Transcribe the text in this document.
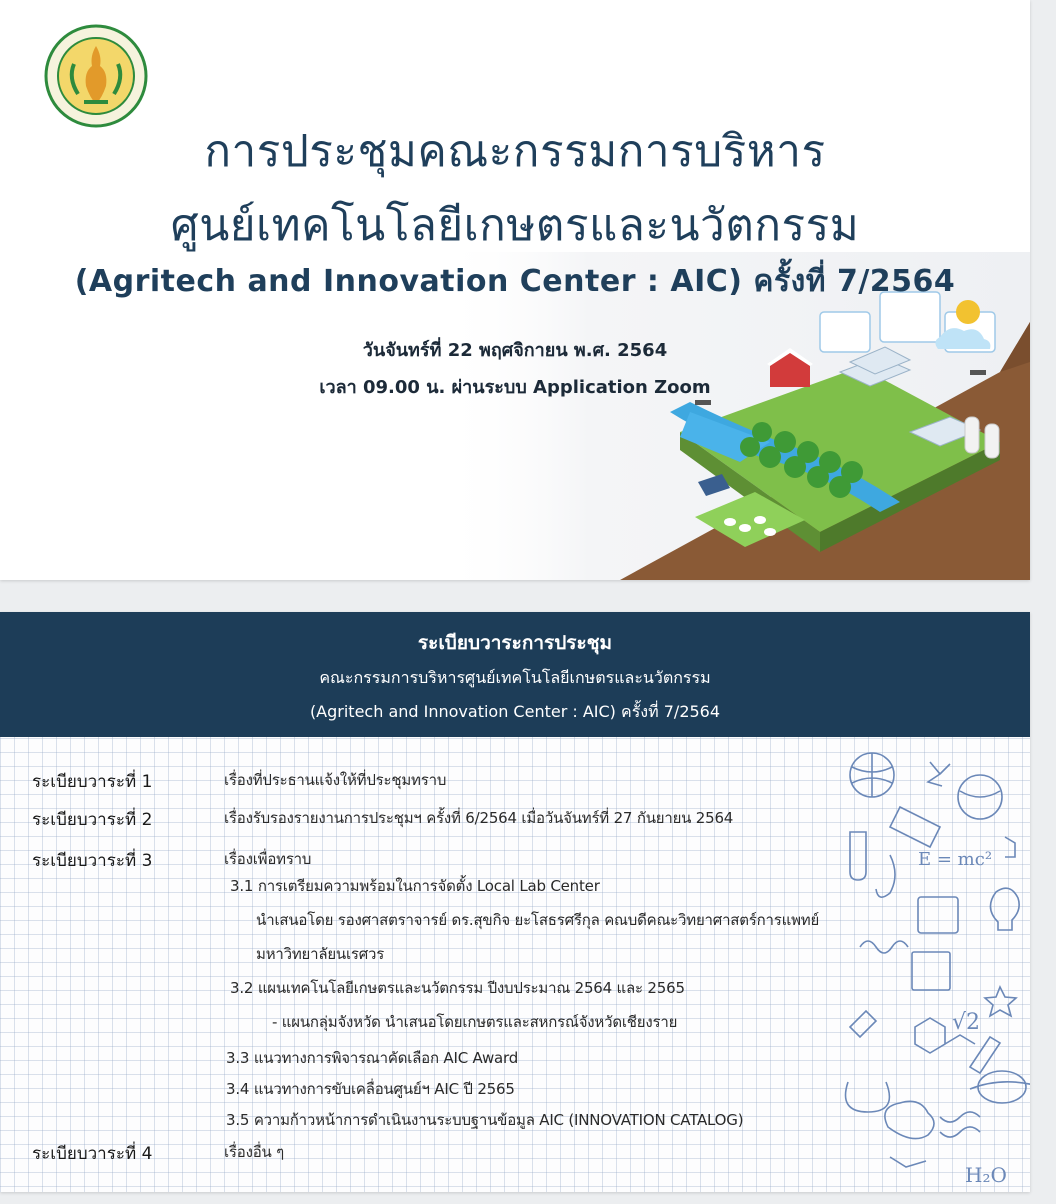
การประชุมคณะกรรมการบริหาร
ศูนย์เทคโนโลยีเกษตรและนวัตกรรม
(Agritech and Innovation Center : AIC) ครั้งที่ 7/2564
วันจันทร์ที่ 22 พฤศจิกายน พ.ศ. 2564
เวลา 09.00 น. ผ่านระบบ Application Zoom
ระเบียบวาระการประชุม
คณะกรรมการบริหารศูนย์เทคโนโลยีเกษตรและนวัตกรรม
(Agritech and Innovation Center : AIC) ครั้งที่ 7/2564
E = mc²
√2
H₂O
ระเบียบวาระที่ 1	เรื่องที่ประธานแจ้งให้ที่ประชุมทราบ
ระเบียบวาระที่ 2	เรื่องรับรองรายงานการประชุมฯ ครั้งที่ 6/2564 เมื่อวันจันทร์ที่ 27 กันยายน 2564
ระเบียบวาระที่ 3	เรื่องเพื่อทราบ
3.1 การเตรียมความพร้อมในการจัดตั้ง Local Lab Center
นำเสนอโดย รองศาสตราจารย์ ดร.สุขกิจ ยะโสธรศรีกุล คณบดีคณะวิทยาศาสตร์การแพทย์
มหาวิทยาลัยนเรศวร
3.2 แผนเทคโนโลยีเกษตรและนวัตกรรม ปีงบประมาณ 2564 และ 2565
- แผนกลุ่มจังหวัด นำเสนอโดยเกษตรและสหกรณ์จังหวัดเชียงราย
3.3 แนวทางการพิจารณาคัดเลือก AIC Award
3.4 แนวทางการขับเคลื่อนศูนย์ฯ AIC ปี 2565
3.5 ความก้าวหน้าการดำเนินงานระบบฐานข้อมูล AIC (INNOVATION CATALOG)
ระเบียบวาระที่ 4	เรื่องอื่น ๆ
